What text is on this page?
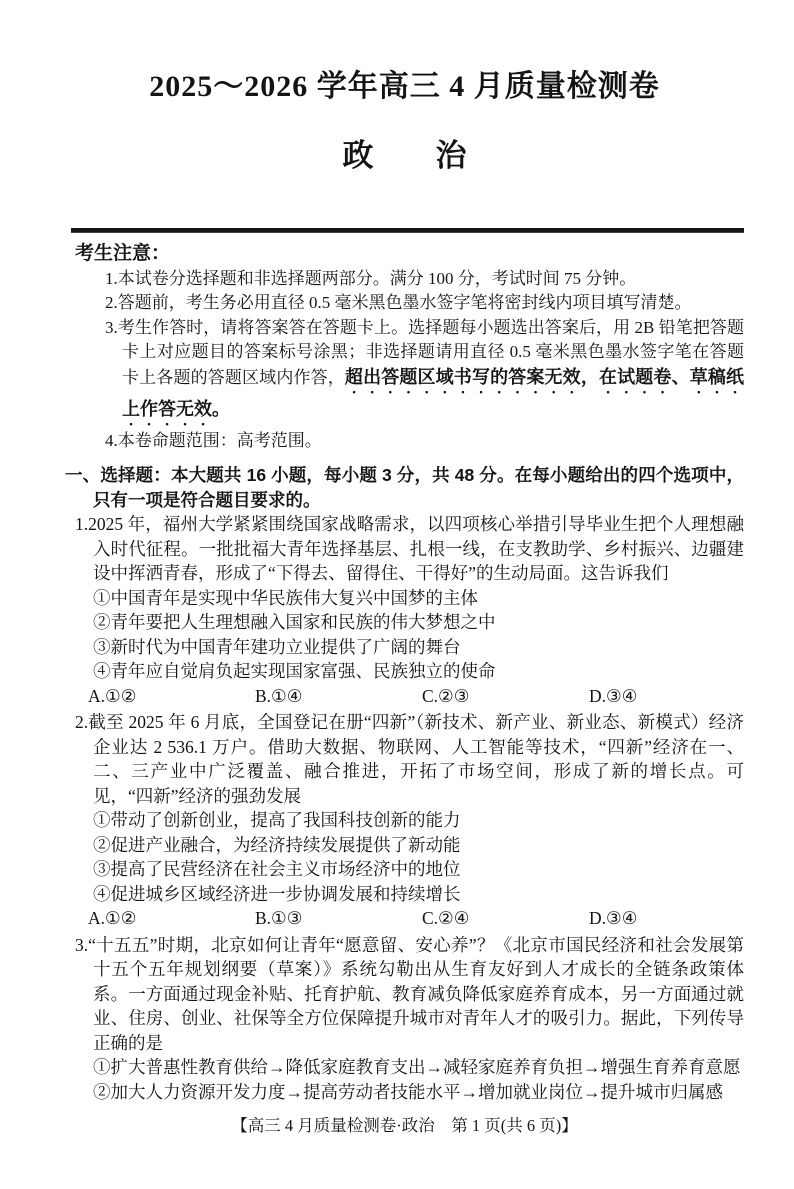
2025～2026 学年高三 4 月质量检测卷
政　　治
考生注意：
1.本试卷分选择题和非选择题两部分。满分 100 分，考试时间 75 分钟。
2.答题前，考生务必用直径 0.5 毫米黑色墨水签字笔将密封线内项目填写清楚。
3.考生作答时，请将答案答在答题卡上。选择题每小题选出答案后，用 2B 铅笔把答题卡上对应题目的答案标号涂黑；非选择题请用直径 0.5 毫米黑色墨水签字笔在答题卡上各题的答题区域内作答，超出答题区域书写的答案无效，在试题卷、草稿纸上作答无效。
4.本卷命题范围：高考范围。
一、选择题：本大题共 16 小题，每小题 3 分，共 48 分。在每小题给出的四个选项中，只有一项是符合题目要求的。

1.2025 年，福州大学紧紧围绕国家战略需求，以四项核心举措引导毕业生把个人理想融入时代征程。一批批福大青年选择基层、扎根一线，在支教助学、乡村振兴、边疆建设中挥洒青春，形成了“下得去、留得住、干得好”的生动局面。这告诉我们

①中国青年是实现中华民族伟大复兴中国梦的主体
②青年要把人生理想融入国家和民族的伟大梦想之中
③新时代为中国青年建功立业提供了广阔的舞台
④青年应自觉肩负起实现国家富强、民族独立的使命
A.①②	B.①④	C.②③	D.③④

2.截至 2025 年 6 月底，全国登记在册“四新”（新技术、新产业、新业态、新模式）经济企业达 2 536.1 万户。借助大数据、物联网、人工智能等技术，“四新”经济在一、二、三产业中广泛覆盖、融合推进，开拓了市场空间，形成了新的增长点。可见，“四新”经济的强劲发展

①带动了创新创业，提高了我国科技创新的能力
②促进产业融合，为经济持续发展提供了新动能
③提高了民营经济在社会主义市场经济中的地位
④促进城乡区域经济进一步协调发展和持续增长
A.①②	B.①③	C.②④	D.③④

3.“十五五”时期，北京如何让青年“愿意留、安心养”？《北京市国民经济和社会发展第十五个五年规划纲要（草案）》系统勾勒出从生育友好到人才成长的全链条政策体系。一方面通过现金补贴、托育护航、教育减负降低家庭养育成本，另一方面通过就业、住房、创业、社保等全方位保障提升城市对青年人才的吸引力。据此，下列传导正确的是

①扩大普惠性教育供给→降低家庭教育支出→减轻家庭养育负担→增强生育养育意愿
②加大人力资源开发力度→提高劳动者技能水平→增加就业岗位→提升城市归属感
【高三 4 月质量检测卷·政治　第 1 页(共 6 页)】
